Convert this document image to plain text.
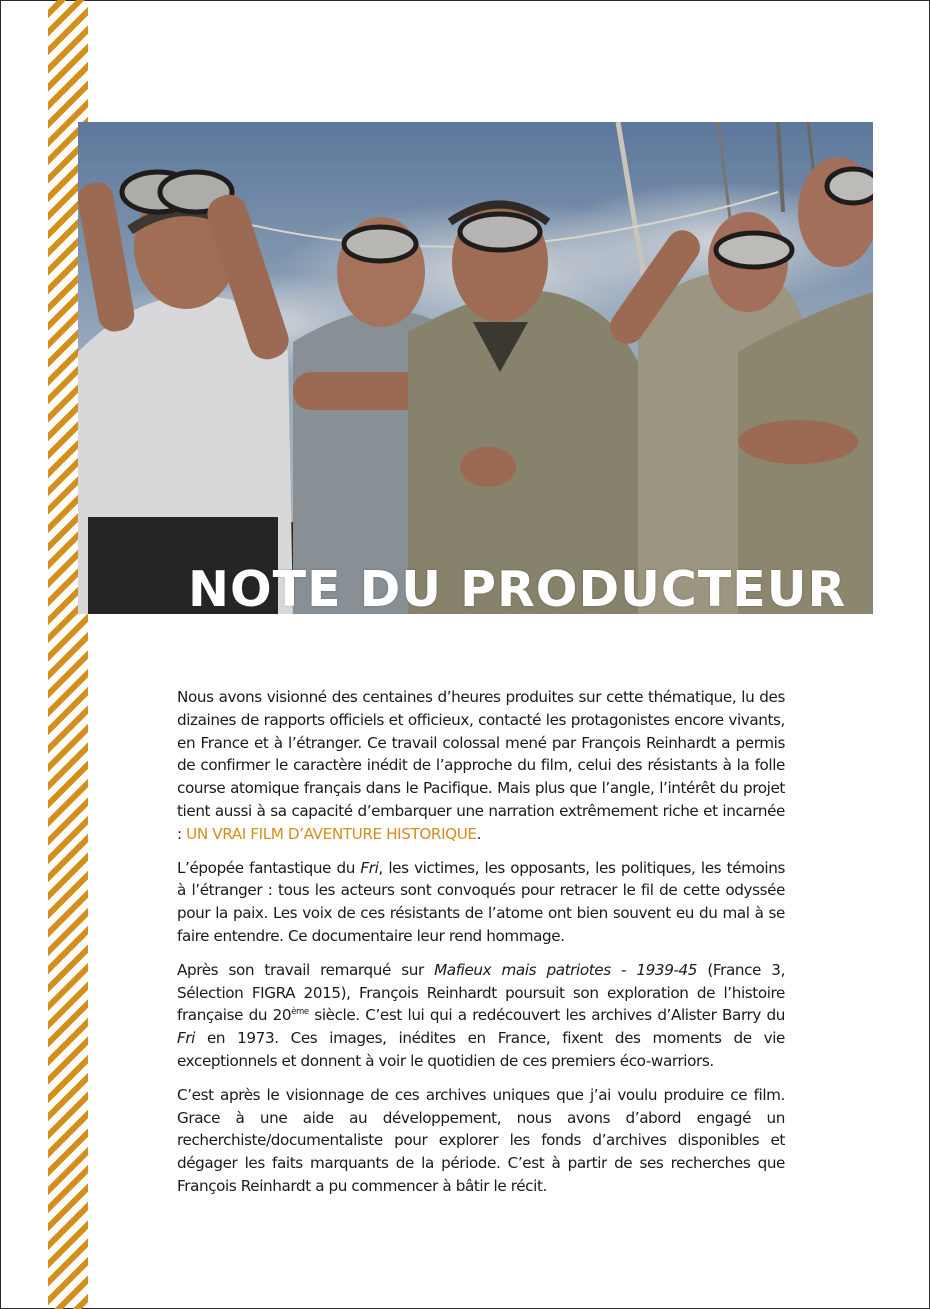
NOTE DU PRODUCTEUR

Nous avons visionné des centaines d’heures produites sur cette thématique, lu des dizaines de rapports officiels et officieux, contacté les protagonistes encore vivants, en France et à l’étranger. Ce travail colossal mené par François Reinhardt a permis de confirmer le caractère inédit de l’approche du film, celui des résistants à la folle course atomique français dans le Pacifique. Mais plus que l’angle, l’intérêt du projet tient aussi à sa capacité d’embarquer une narration extrêmement riche et incarnée : UN VRAI FILM D’AVENTURE HISTORIQUE.

L’épopée fantastique du Fri, les victimes, les opposants, les politiques, les témoins à l’étranger : tous les acteurs sont convoqués pour retracer le fil de cette odyssée pour la paix. Les voix de ces résistants de l’atome ont bien souvent eu du mal à se faire entendre. Ce documentaire leur rend hommage.

Après son travail remarqué sur Mafieux mais patriotes - 1939-45 (France 3, Sélection FIGRA 2015), François Reinhardt poursuit son exploration de l’histoire française du 20ème siècle. C’est lui qui a redécouvert les archives d’Alister Barry du Fri en 1973. Ces images, inédites en France, fixent des moments de vie exceptionnels et donnent à voir le quotidien de ces premiers éco-warriors.

C’est après le visionnage de ces archives uniques que j’ai voulu produire ce film. Grace à une aide au développement, nous avons d’abord engagé un recherchiste/documentaliste pour explorer les fonds d’archives disponibles et dégager les faits marquants de la période. C’est à partir de ses recherches que François Reinhardt a pu commencer à bâtir le récit.
